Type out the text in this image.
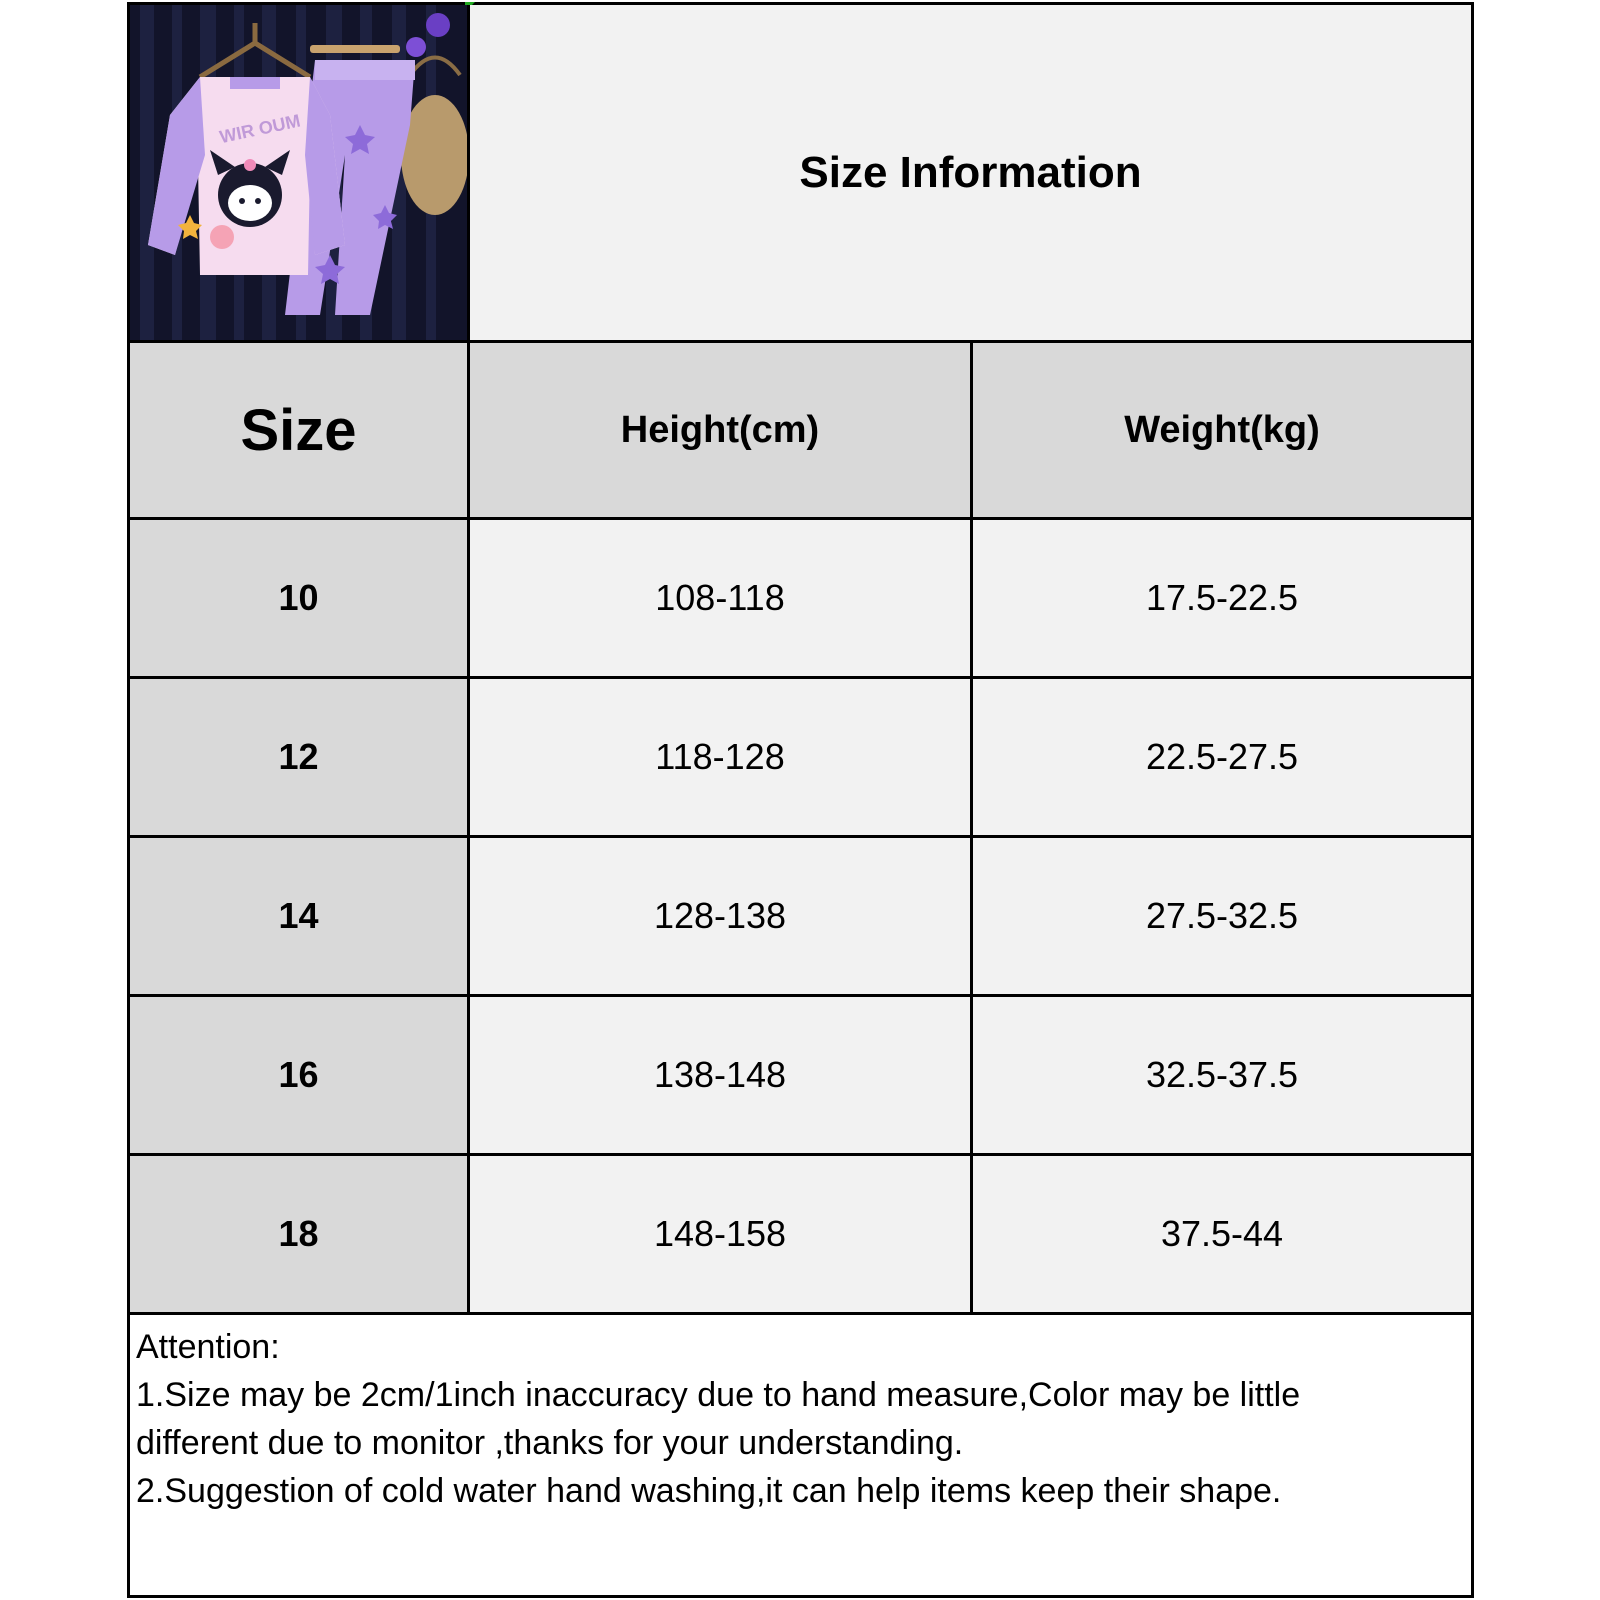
WIR OUM
Size Information
Size	Height(cm)	Weight(kg)
10	108-118	17.5-22.5
12	118-128	22.5-27.5
14	128-138	27.5-32.5
16	138-148	32.5-37.5
18	148-158	37.5-44
Attention:
1.Size may be 2cm/1inch inaccuracy due to hand measure,Color may be little
different due to monitor ,thanks for your understanding.
2.Suggestion of cold water hand washing,it can help items keep their shape.
